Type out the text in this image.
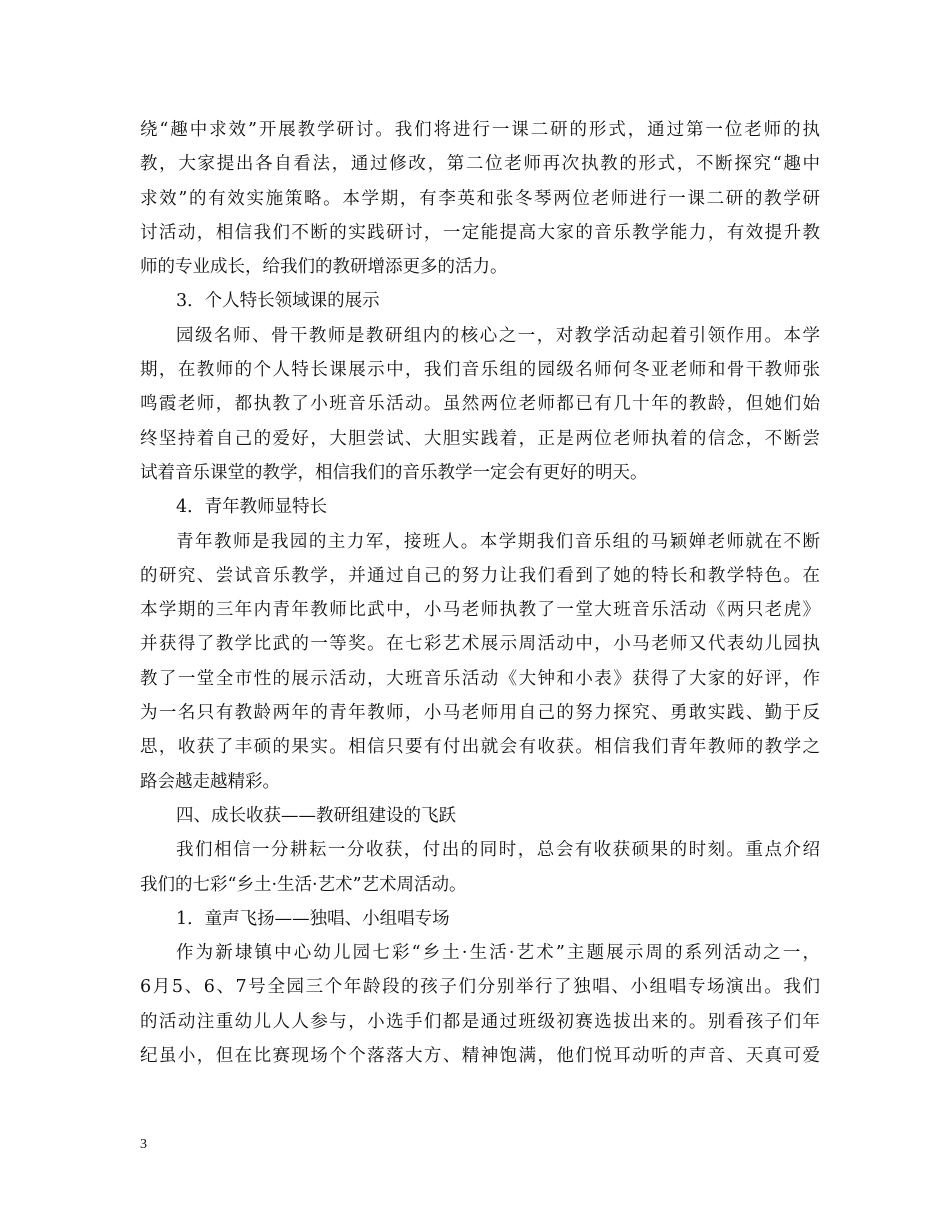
绕“趣中求效”开展教学研讨。我们将进行一课二研的形式，通过第一位老师的执
教，大家提出各自看法，通过修改，第二位老师再次执教的形式，不断探究“趣中
求效”的有效实施策略。本学期，有李英和张冬琴两位老师进行一课二研的教学研
讨活动，相信我们不断的实践研讨，一定能提高大家的音乐教学能力，有效提升教
师的专业成长，给我们的教研增添更多的活力。
3．个人特长领域课的展示
园级名师、骨干教师是教研组内的核心之一，对教学活动起着引领作用。本学
期，在教师的个人特长课展示中，我们音乐组的园级名师何冬亚老师和骨干教师张
鸣霞老师，都执教了小班音乐活动。虽然两位老师都已有几十年的教龄，但她们始
终坚持着自己的爱好，大胆尝试、大胆实践着，正是两位老师执着的信念，不断尝
试着音乐课堂的教学，相信我们的音乐教学一定会有更好的明天。
4．青年教师显特长
青年教师是我园的主力军，接班人。本学期我们音乐组的马颖婵老师就在不断
的研究、尝试音乐教学，并通过自己的努力让我们看到了她的特长和教学特色。在
本学期的三年内青年教师比武中，小马老师执教了一堂大班音乐活动《两只老虎》
并获得了教学比武的一等奖。在七彩艺术展示周活动中，小马老师又代表幼儿园执
教了一堂全市性的展示活动，大班音乐活动《大钟和小表》获得了大家的好评，作
为一名只有教龄两年的青年教师，小马老师用自己的努力探究、勇敢实践、勤于反
思，收获了丰硕的果实。相信只要有付出就会有收获。相信我们青年教师的教学之
路会越走越精彩。
四、成长收获——教研组建设的飞跃
我们相信一分耕耘一分收获，付出的同时，总会有收获硕果的时刻。重点介绍
我们的七彩“乡土·生活·艺术”艺术周活动。
1．童声飞扬——独唱、小组唱专场
作为新埭镇中心幼儿园七彩“乡土·生活·艺术”主题展示周的系列活动之一，
6月5、6、7号全园三个年龄段的孩子们分别举行了独唱、小组唱专场演出。我们
的活动注重幼儿人人参与，小选手们都是通过班级初赛选拔出来的。别看孩子们年
纪虽小，但在比赛现场个个落落大方、精神饱满，他们悦耳动听的声音、天真可爱
3
